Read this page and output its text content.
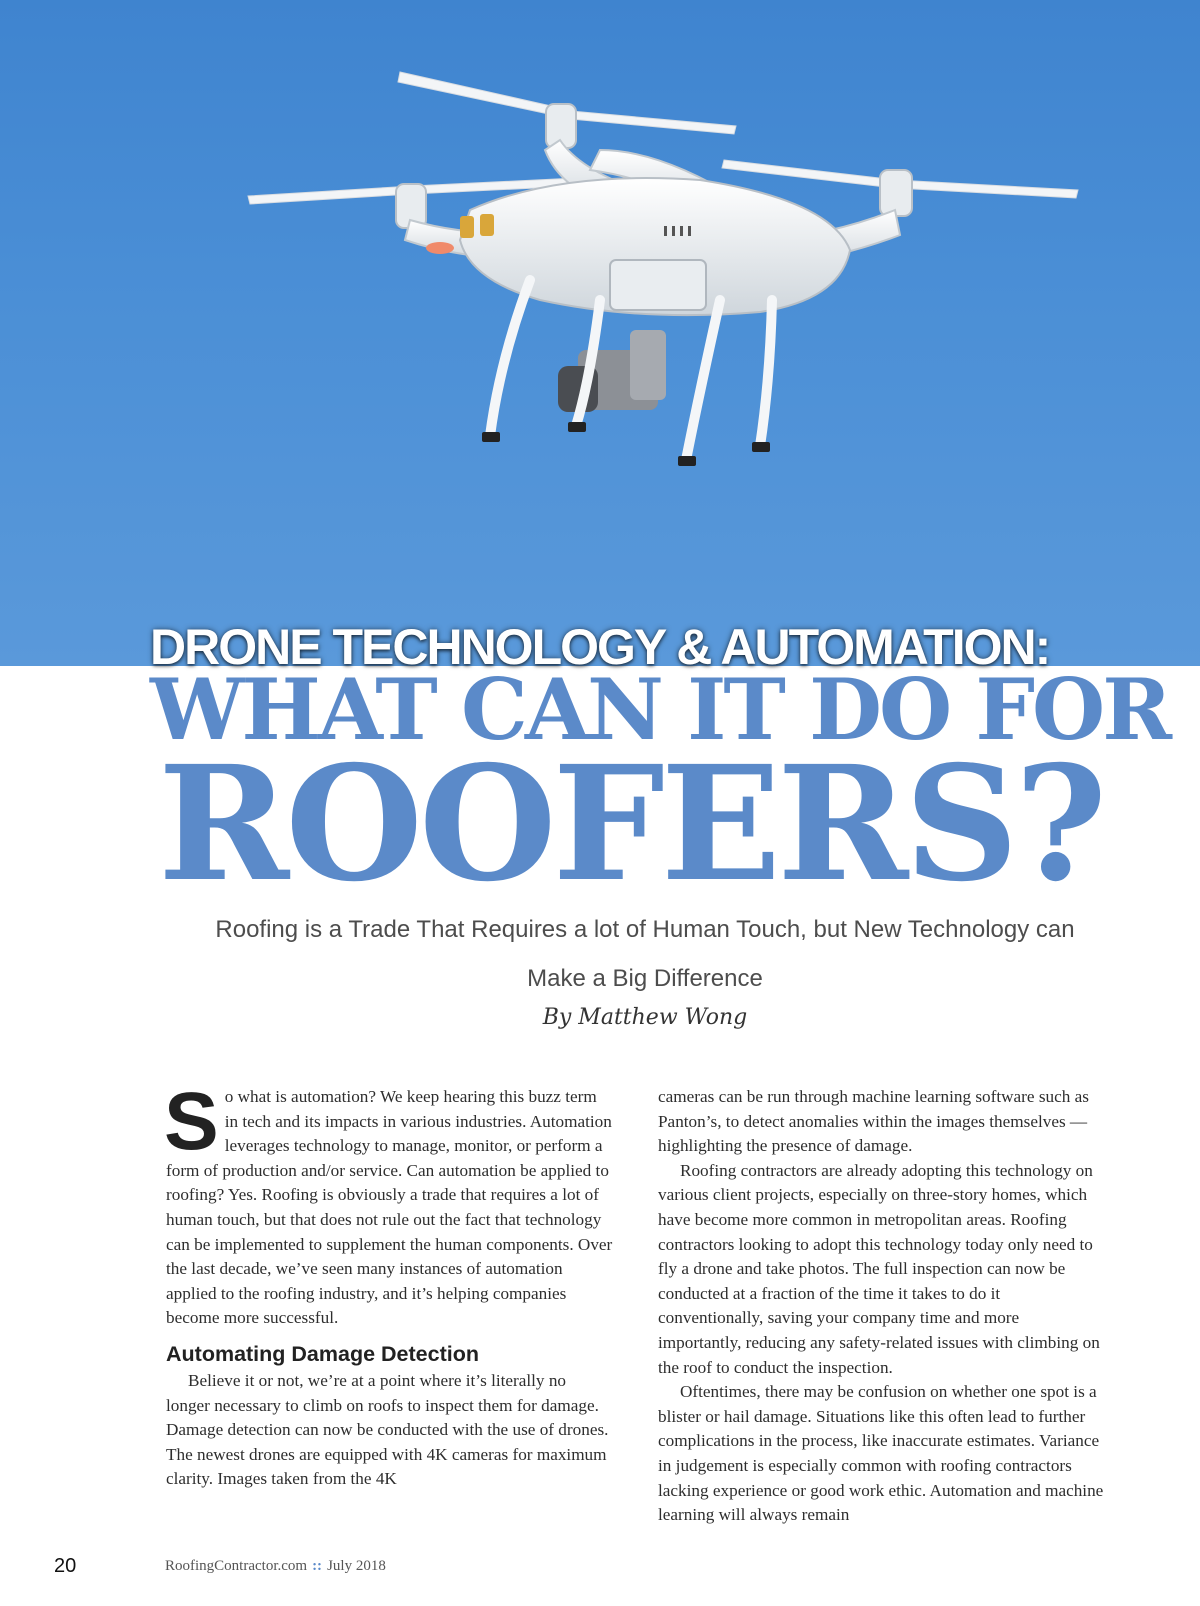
DRONE TECHNOLOGY & AUTOMATION:
WHAT CAN IT DO FOR
ROOFERS?
Roofing is a Trade That Requires a lot of Human Touch, but New Technology can
Make a Big Difference
By Matthew Wong

So what is automation? We keep hearing this buzz term in tech and its impacts in various industries. Automation leverages technology to manage, monitor, or perform a form of production and/or service. Can automation be applied to roofing? Yes. Roofing is obviously a trade that requires a lot of human touch, but that does not rule out the fact that technology can be implemented to supplement the human components. Over the last decade, we’ve seen many instances of automation applied to the roofing industry, and it’s helping companies become more successful.

Automating Damage Detection

Believe it or not, we’re at a point where it’s literally no longer necessary to climb on roofs to inspect them for damage. Damage detection can now be conducted with the use of drones. The newest drones are equipped with 4K cameras for maximum clarity. Images taken from the 4K

cameras can be run through machine learning software such as Panton’s, to detect anomalies within the images themselves — highlighting the presence of damage.

Roofing contractors are already adopting this technology on various client projects, especially on three-story homes, which have become more common in metropolitan areas. Roofing contractors looking to adopt this technology today only need to fly a drone and take photos. The full inspection can now be conducted at a fraction of the time it takes to do it conventionally, saving your company time and more importantly, reducing any safety-related issues with climbing on the roof to conduct the inspection.

Oftentimes, there may be confusion on whether one spot is a blister or hail damage. Situations like this often lead to further complications in the process, like inaccurate estimates. Variance in judgement is especially common with roofing contractors lacking experience or good work ethic. Automation and machine learning will always remain

20	RoofingContractor.com :: July 2018
